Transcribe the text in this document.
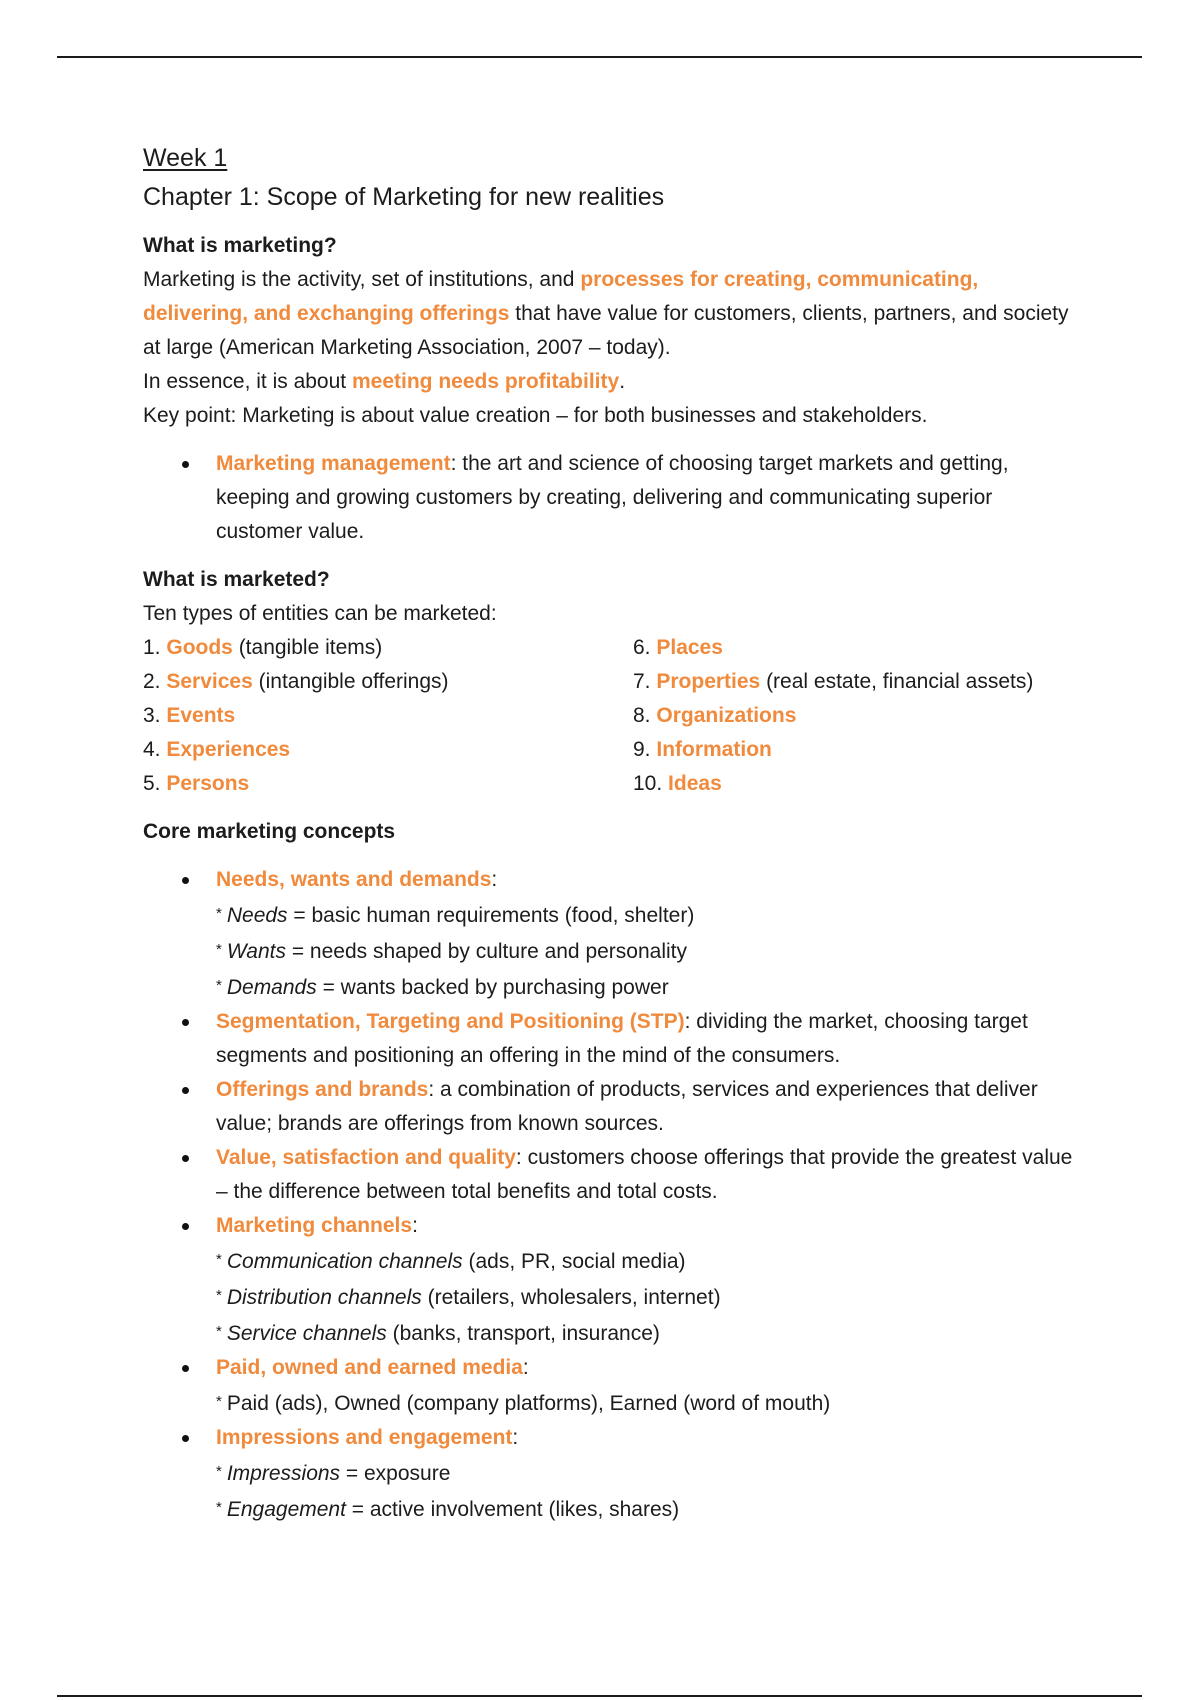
Week 1
Chapter 1: Scope of Marketing for new realities
What is marketing?

Marketing is the activity, set of institutions, and processes for creating, communicating, delivering, and exchanging offerings that have value for customers, clients, partners, and society at large (American Marketing Association, 2007 – today).

In essence, it is about meeting needs profitability.

Key point: Marketing is about value creation – for both businesses and stakeholders.

Marketing management: the art and science of choosing target markets and getting, keeping and growing customers by creating, delivering and communicating superior customer value.
What is marketed?

Ten types of entities can be marketed:

1. Goods (tangible items)
2. Services (intangible offerings)
3. Events
4. Experiences
5. Persons
6. Places
7. Properties (real estate, financial assets)
8. Organizations
9. Information
10. Ideas
Core marketing concepts
Needs, wants and demands:
* Needs = basic human requirements (food, shelter)
* Wants = needs shaped by culture and personality
* Demands = wants backed by purchasing power
Segmentation, Targeting and Positioning (STP): dividing the market, choosing target segments and positioning an offering in the mind of the consumers.
Offerings and brands: a combination of products, services and experiences that deliver value; brands are offerings from known sources.
Value, satisfaction and quality: customers choose offerings that provide the greatest value – the difference between total benefits and total costs.
Marketing channels:
* Communication channels (ads, PR, social media)
* Distribution channels (retailers, wholesalers, internet)
* Service channels (banks, transport, insurance)
Paid, owned and earned media:
* Paid (ads), Owned (company platforms), Earned (word of mouth)
Impressions and engagement:
* Impressions = exposure
* Engagement = active involvement (likes, shares)
